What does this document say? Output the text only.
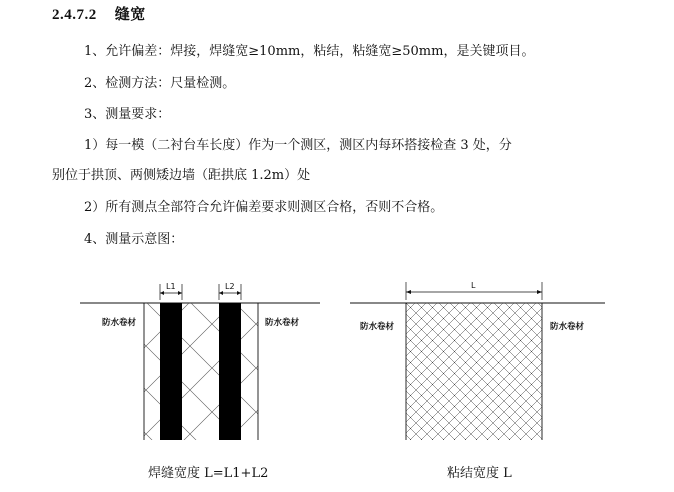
2.4.7.2 缝宽
1、允许偏差：焊接，焊缝宽≥10mm，粘结，粘缝宽≥50mm，是关键项目。
2、检测方法：尺量检测。
3、测量要求：
1）每一模（二衬台车长度）作为一个测区，测区内每环搭接检查 3 处，分
别位于拱顶、两侧矮边墙（距拱底 1.2m）处
2）所有测点全部符合允许偏差要求则测区合格，否则不合格。
4、测量示意图：
L1	L2
防水卷材	防水卷材
焊缝宽度 L=L1+L2
L
防水卷材	防水卷材
粘结宽度 L
